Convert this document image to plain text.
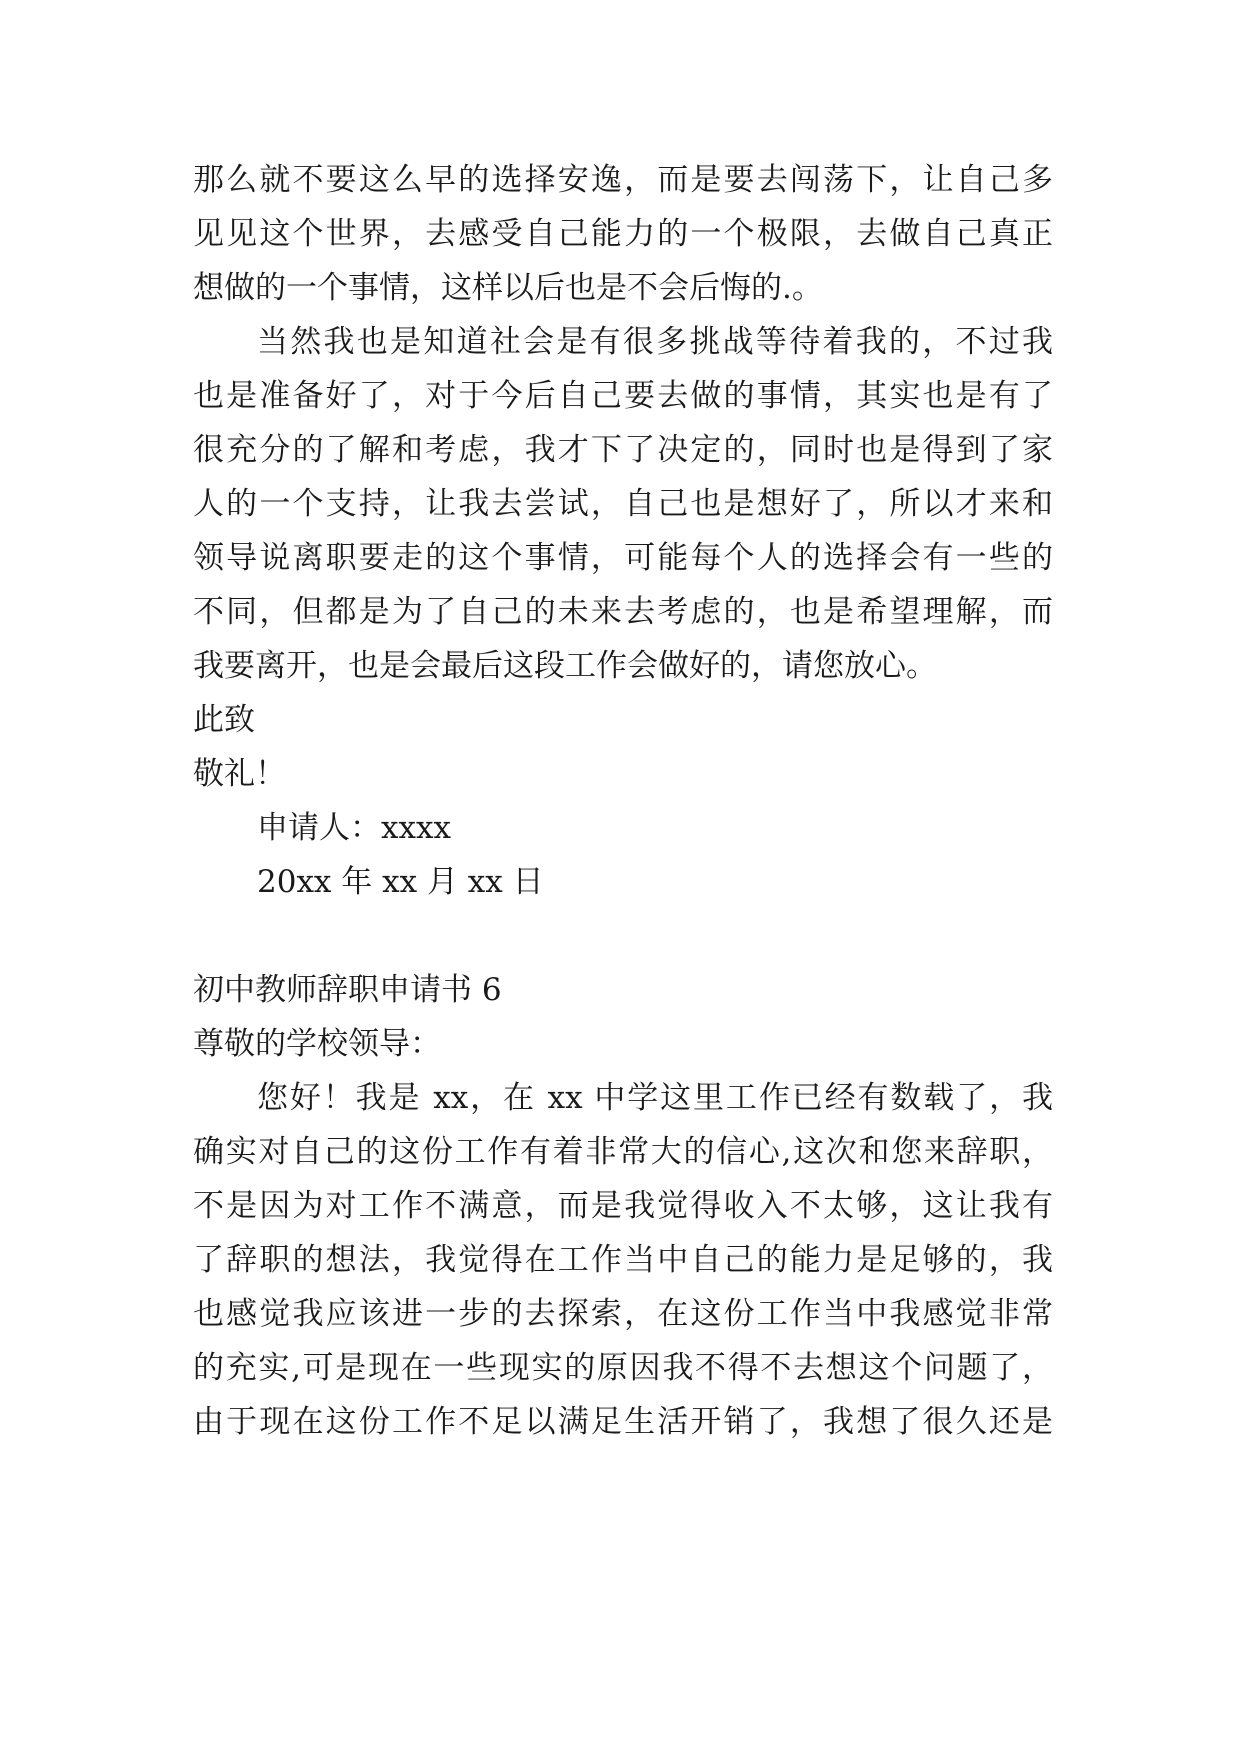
那么就不要这么早的选择安逸，而是要去闯荡下，让自己多
见见这个世界，去感受自己能力的一个极限，去做自己真正
想做的一个事情，这样以后也是不会后悔的.。
当然我也是知道社会是有很多挑战等待着我的，不过我
也是准备好了，对于今后自己要去做的事情，其实也是有了
很充分的了解和考虑，我才下了决定的，同时也是得到了家
人的一个支持，让我去尝试，自己也是想好了，所以才来和
领导说离职要走的这个事情，可能每个人的选择会有一些的
不同，但都是为了自己的未来去考虑的，也是希望理解，而
我要离开，也是会最后这段工作会做好的，请您放心。
此致
敬礼！
申请人：xxxx
20xx 年 xx 月 xx 日
初中教师辞职申请书 6
尊敬的学校领导：
您好！我是 xx，在 xx 中学这里工作已经有数载了，我
确实对自己的这份工作有着非常大的信心,这次和您来辞职，
不是因为对工作不满意，而是我觉得收入不太够，这让我有
了辞职的想法，我觉得在工作当中自己的能力是足够的，我
也感觉我应该进一步的去探索，在这份工作当中我感觉非常
的充实,可是现在一些现实的原因我不得不去想这个问题了，
由于现在这份工作不足以满足生活开销了，我想了很久还是
